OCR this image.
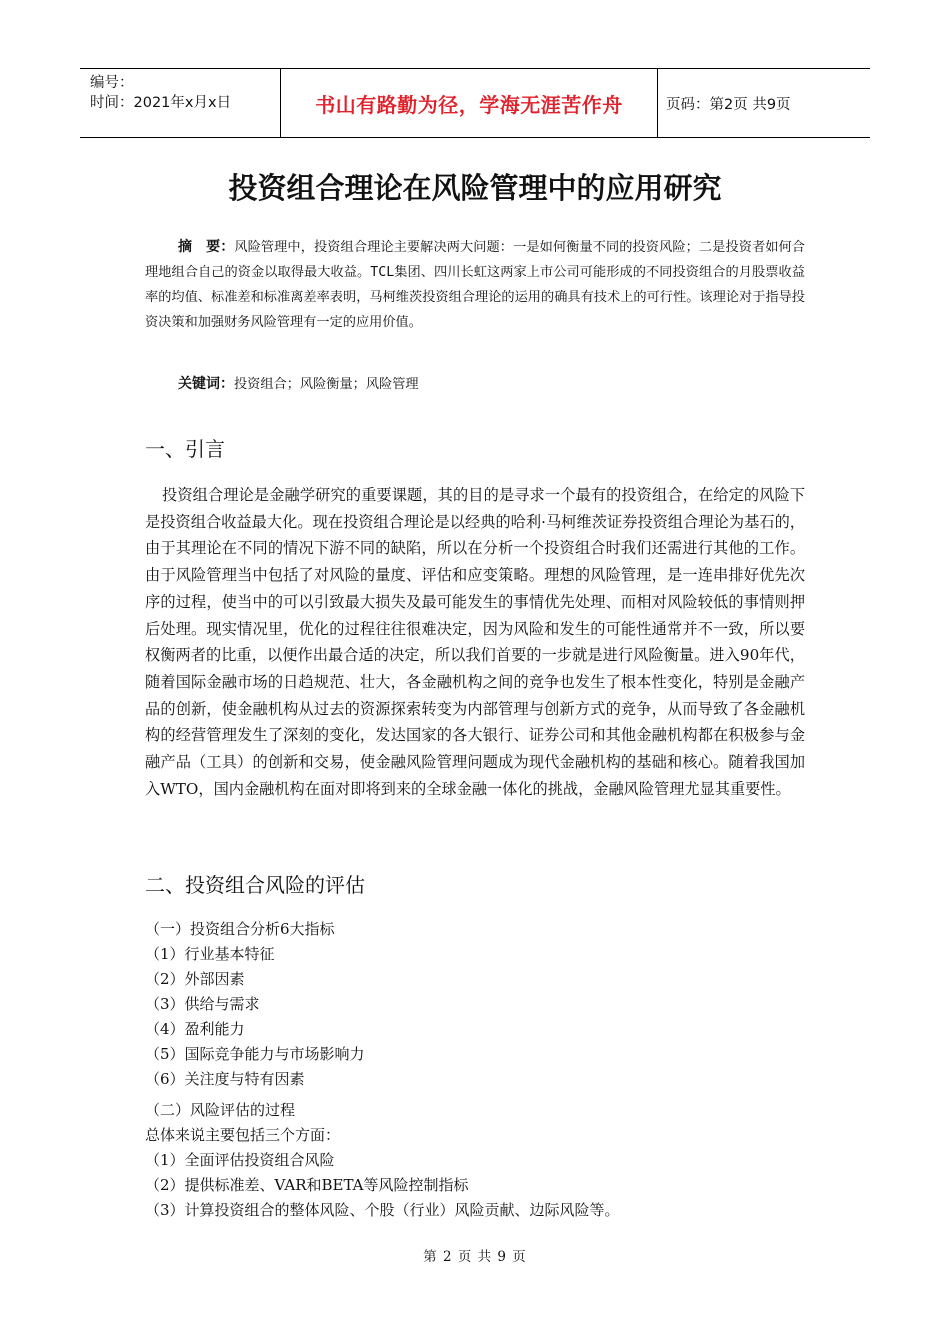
编号：
时间：2021年x月x日	书山有路勤为径，学海无涯苦作舟	页码：第2页 共9页
投资组合理论在风险管理中的应用研究
摘　要：风险管理中，投资组合理论主要解决两大问题：一是如何衡量不同的投资风险；二是投资者如何合理地组合自己的资金以取得最大收益。TCL集团、四川长虹这两家上市公司可能形成的不同投资组合的月股票收益率的均值、标准差和标准离差率表明，马柯维茨投资组合理论的运用的确具有技术上的可行性。该理论对于指导投资决策和加强财务风险管理有一定的应用价值。
关键词：投资组合；风险衡量；风险管理
一、引言
投资组合理论是金融学研究的重要课题，其的目的是寻求一个最有的投资组合，在给定的风险下是投资组合收益最大化。现在投资组合理论是以经典的哈利·马柯维茨证券投资组合理论为基石的，由于其理论在不同的情况下游不同的缺陷，所以在分析一个投资组合时我们还需进行其他的工作。由于风险管理当中包括了对风险的量度、评估和应变策略。理想的风险管理，是一连串排好优先次序的过程，使当中的可以引致最大损失及最可能发生的事情优先处理、而相对风险较低的事情则押后处理。现实情况里，优化的过程往往很难决定，因为风险和发生的可能性通常并不一致，所以要权衡两者的比重，以便作出最合适的决定，所以我们首要的一步就是进行风险衡量。进入90年代，随着国际金融市场的日趋规范、壮大，各金融机构之间的竞争也发生了根本性变化，特别是金融产品的创新，使金融机构从过去的资源探索转变为内部管理与创新方式的竞争，从而导致了各金融机构的经营管理发生了深刻的变化，发达国家的各大银行、证券公司和其他金融机构都在积极参与金融产品（工具）的创新和交易，使金融风险管理问题成为现代金融机构的基础和核心。随着我国加入WTO，国内金融机构在面对即将到来的全球金融一体化的挑战，金融风险管理尤显其重要性。
二、投资组合风险的评估
（一）投资组合分析6大指标
（1）行业基本特征
（2）外部因素
（3）供给与需求
（4）盈利能力
（5）国际竞争能力与市场影响力
（6）关注度与特有因素
（二）风险评估的过程
总体来说主要包括三个方面：
（1）全面评估投资组合风险
（2）提供标准差、VAR和BETA等风险控制指标
（3）计算投资组合的整体风险、个股（行业）风险贡献、边际风险等。
第 2 页 共 9 页
